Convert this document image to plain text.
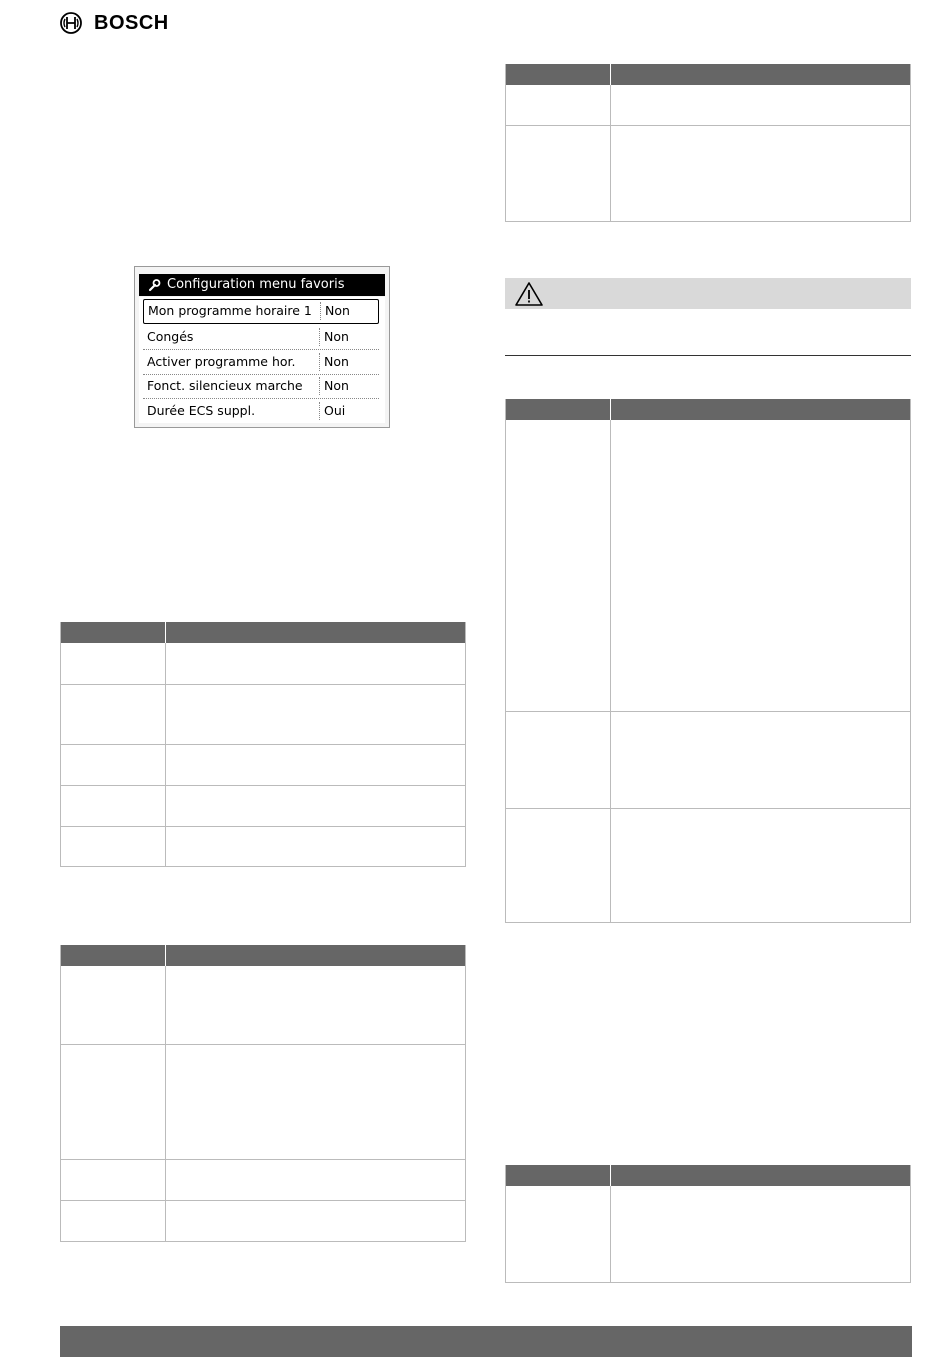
BOSCH
Configuration menu favoris
Mon programme horaire 1	Non
Congés	Non
Activer programme hor.	Non
Fonct. silencieux marche	Non
Durée ECS suppl.	Oui
